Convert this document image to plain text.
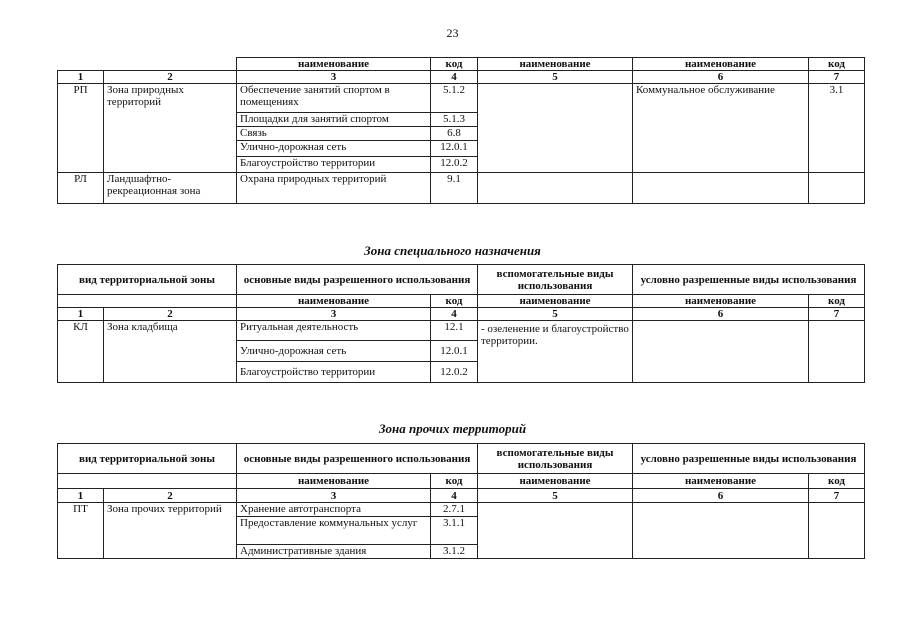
23
		наименование	код	наименование	наименование	код
1	2	3	4	5	6	7
РП	Зона природных территорий	Обеспечение занятий спортом в помещениях	5.1.2		Коммунальное обслуживание	3.1
		Площадки для занятий спортом	5.1.3			
		Связь	6.8			
		Улично-дорожная сеть	12.0.1			
		Благоустройство территории	12.0.2			
РЛ	Ландшафтно-рекреационная зона	Охрана природных территорий	9.1			
Зона специального назначения
вид территориальной зоны		основные виды разрешенного использования		вспомогательные виды использования	условно разрешенные виды использования	
		наименование	код	наименование	наименование	код
1	2	3	4	5	6	7
КЛ	Зона кладбища	Ритуальная деятельность	12.1	- озеленение и благоустройство территории.		
		Улично-дорожная сеть	12.0.1			
		Благоустройство территории	12.0.2			
Зона прочих территорий
вид территориальной зоны		основные виды разрешенного использования		вспомогательные виды использования	условно разрешенные виды использования	
		наименование	код	наименование	наименование	код
1	2	3	4	5	6	7
ПТ	Зона прочих территорий	Хранение автотранспорта	2.7.1			
		Предоставление коммунальных услуг	3.1.1			
		Административные здания	3.1.2			
